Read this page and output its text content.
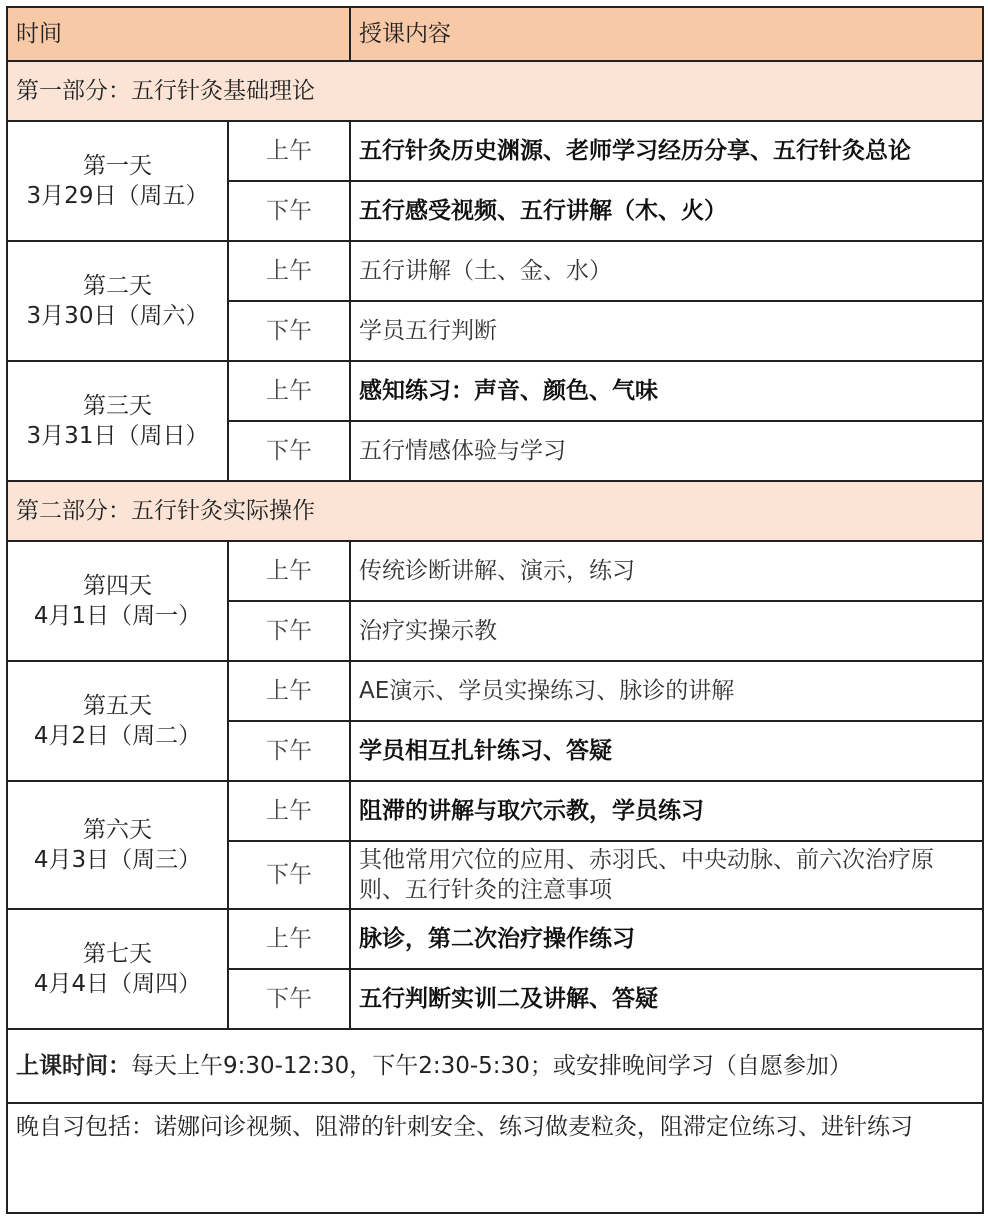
时间		授课内容
第一部分：五行针灸基础理论		

第一天
3月29日（周五）	上午	五行针灸历史渊源、老师学习经历分享、五行针灸总论
	下午	五行感受视频、五行讲解（木、火）

第二天
3月30日（周六）	上午	五行讲解（土、金、水）
	下午	学员五行判断

第三天
3月31日（周日）	上午	感知练习：声音、颜色、气味
	下午	五行情感体验与学习
第二部分：五行针灸实际操作		

第四天
4月1日（周一）	上午	传统诊断讲解、演示，练习
	下午	治疗实操示教

第五天
4月2日（周二）	上午	AE演示、学员实操练习、脉诊的讲解
	下午	学员相互扎针练习、答疑

第六天
4月3日（周三）	上午	阻滞的讲解与取穴示教，学员练习
	下午	其他常用穴位的应用、赤羽氏、中央动脉、前六次治疗原则、五行针灸的注意事项

第七天
4月4日（周四）	上午	脉诊，第二次治疗操作练习
	下午	五行判断实训二及讲解、答疑
上课时间：每天上午9:30-12:30，下午2:30-5:30；或安排晚间学习（自愿参加）		
晚自习包括：诺娜问诊视频、阻滞的针刺安全、练习做麦粒灸，阻滞定位练习、进针练习		
